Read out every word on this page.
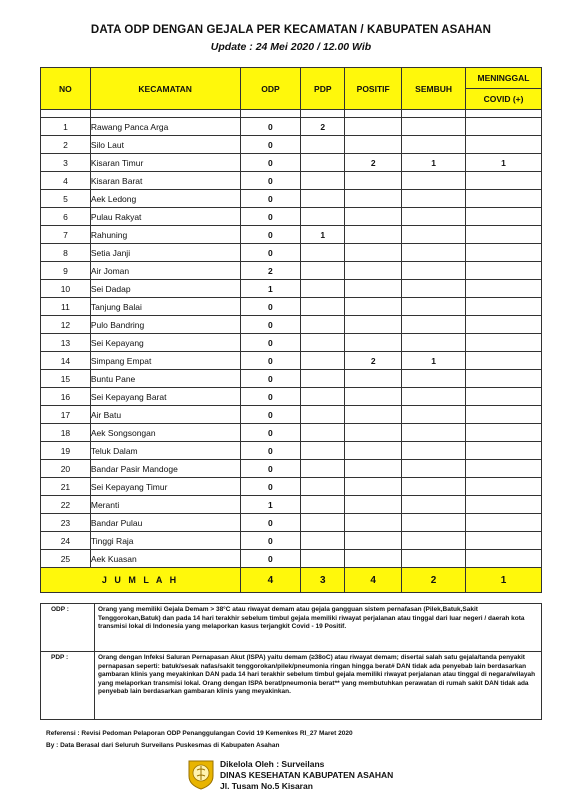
DATA ODP DENGAN GEJALA PER KECAMATAN / KABUPATEN ASAHAN
Update : 24 Mei 2020 / 12.00 Wib
NO	KECAMATAN	ODP	PDP	POSITIF	SEMBUH	MENINGGAL
						COVID (+)

1	Rawang Panca Arga	0	2			
2	Silo Laut	0				
3	Kisaran Timur	0		2	1	1
4	Kisaran Barat	0				
5	Aek Ledong	0				
6	Pulau Rakyat	0				
7	Rahuning	0	1			
8	Setia Janji	0				
9	Air Joman	2				
10	Sei Dadap	1				
11	Tanjung Balai	0				
12	Pulo Bandring	0				
13	Sei Kepayang	0				
14	Simpang Empat	0		2	1	
15	Buntu Pane	0				
16	Sei Kepayang Barat	0				
17	Air Batu	0				
18	Aek Songsongan	0				
19	Teluk Dalam	0				
20	Bandar Pasir Mandoge	0				
21	Sei Kepayang Timur	0				
22	Meranti	1				
23	Bandar Pulau	0				
24	Tinggi Raja	0				
25	Aek Kuasan	0				
J U M L A H		4	3	4	2	1
ODP :	Orang yang memiliki Gejala Demam > 38°C atau riwayat demam atau gejala gangguan sistem pernafasan (Pilek,Batuk,Sakit Tenggorokan,Batuk) dan pada 14 hari terakhir sebelum timbul gejala memiliki riwayat perjalanan atau tinggal dari luar negeri / daerah kota transmisi lokal di Indonesia yang melaporkan kasus terjangkit Covid - 19 Positif.
PDP :	Orang dengan Infeksi Saluran Pernapasan Akut (ISPA) yaitu demam (≥38oC) atau riwayat demam; disertai salah satu gejala/tanda penyakit pernapasan seperti: batuk/sesak nafas/sakit tenggorokan/pilek/pneumonia ringan hingga berat# DAN tidak ada penyebab lain berdasarkan gambaran klinis yang meyakinkan DAN pada 14 hari terakhir sebelum timbul gejala memiliki riwayat perjalanan atau tinggal di negara/wilayah yang melaporkan transmisi lokal. Orang dengan ISPA berat/pneumonia berat** yang membutuhkan perawatan di rumah sakit DAN tidak ada penyebab lain berdasarkan gambaran klinis yang meyakinkan.
Referensi : Revisi Pedoman Pelaporan ODP Penanggulangan Covid 19 Kemenkes RI_27 Maret 2020
By : Data Berasal dari Seluruh Surveilans Puskesmas di Kabupaten Asahan
Dikelola Oleh : Surveilans
DINAS KESEHATAN KABUPATEN ASAHAN
Jl. Tusam No.5 Kisaran
